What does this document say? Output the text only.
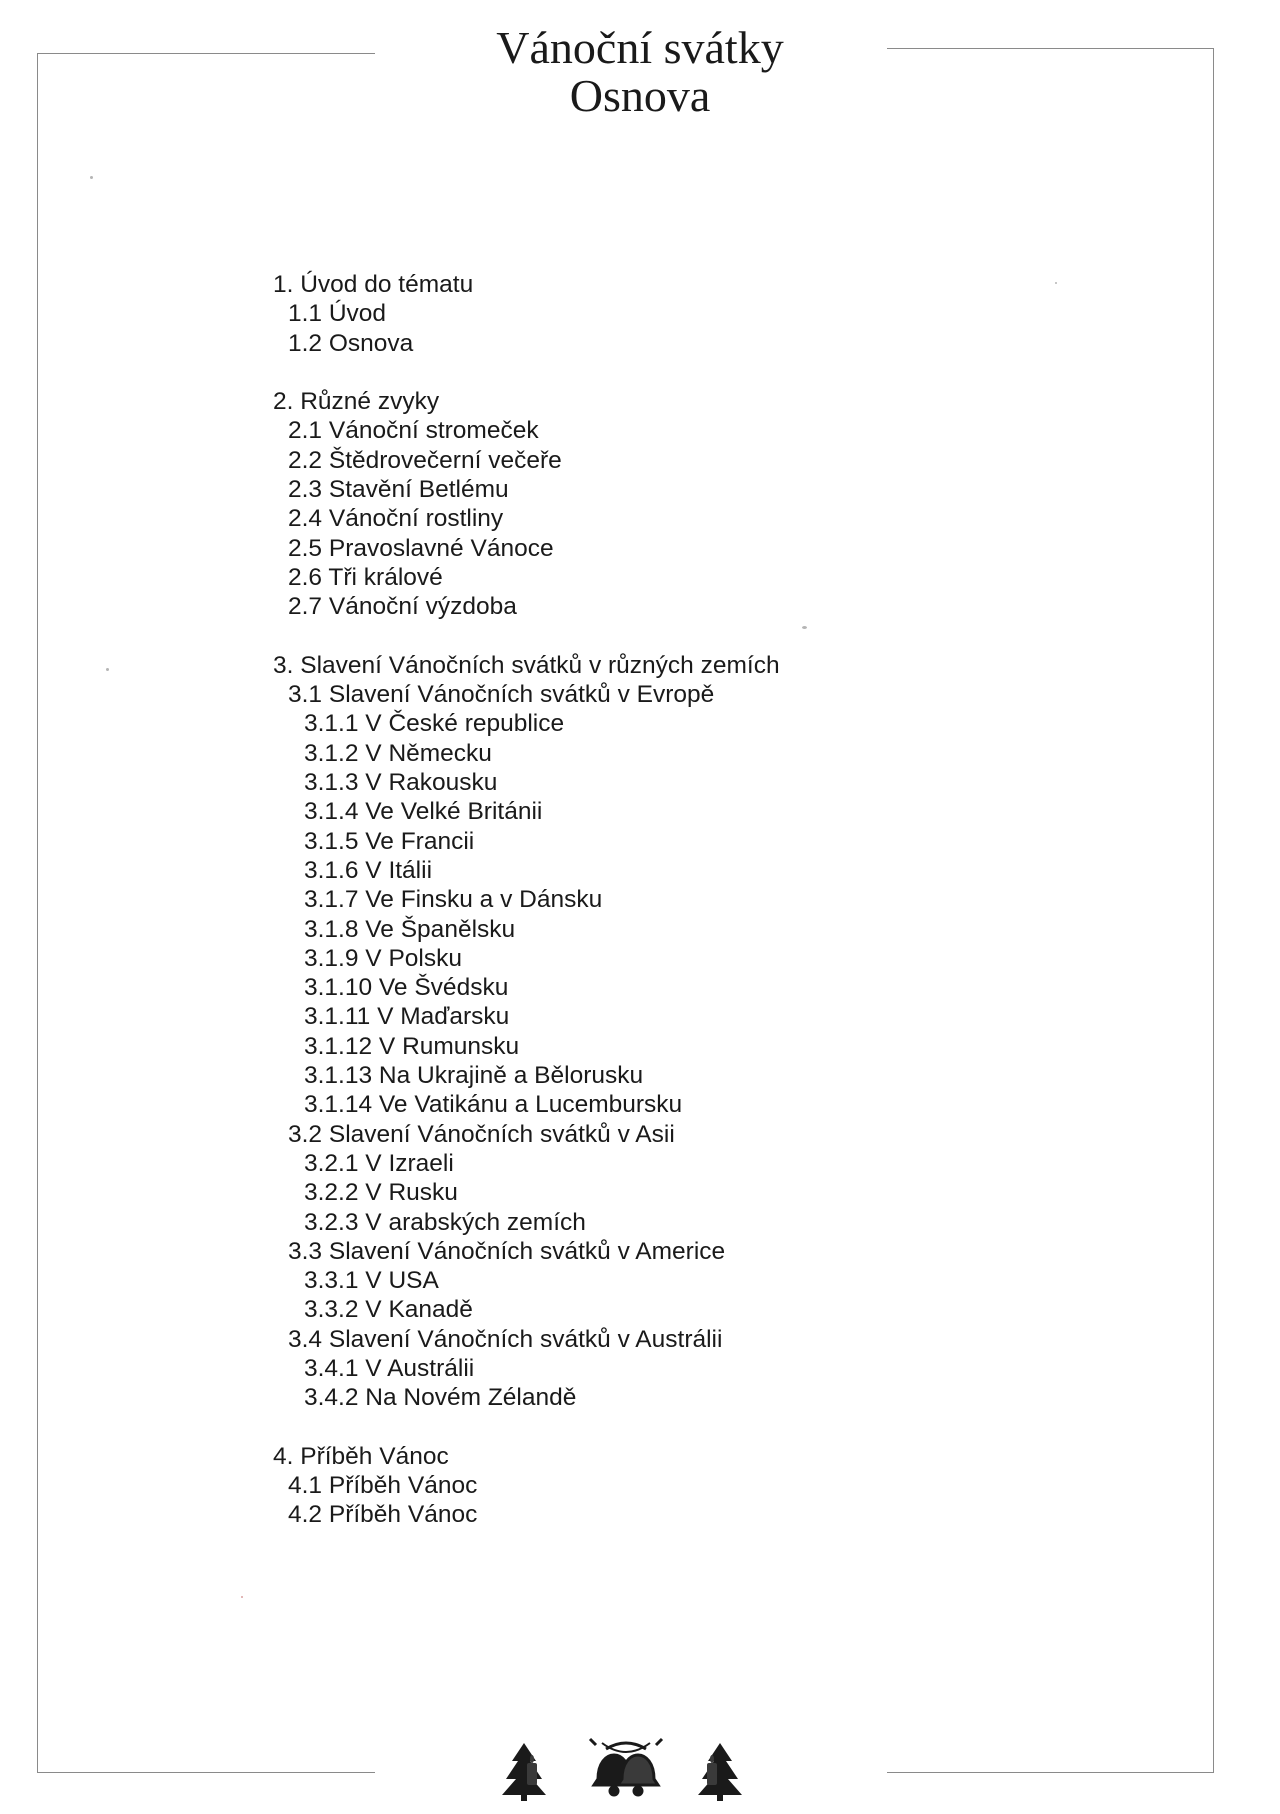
Vánoční svátky
Osnova
1. Úvod do tématu
1.1 Úvod
1.2 Osnova
2. Různé zvyky
2.1 Vánoční stromeček
2.2 Štědrovečerní večeře
2.3 Stavění Betlému
2.4 Vánoční rostliny
2.5 Pravoslavné Vánoce
2.6 Tři králové
2.7 Vánoční výzdoba
3. Slavení Vánočních svátků v různých zemích
3.1 Slavení Vánočních svátků v Evropě
3.1.1 V České republice
3.1.2 V Německu
3.1.3 V Rakousku
3.1.4 Ve Velké Británii
3.1.5 Ve Francii
3.1.6 V Itálii
3.1.7 Ve Finsku a v Dánsku
3.1.8 Ve Španělsku
3.1.9 V Polsku
3.1.10 Ve Švédsku
3.1.11 V Maďarsku
3.1.12 V Rumunsku
3.1.13 Na Ukrajině a Bělorusku
3.1.14 Ve Vatikánu a Lucembursku
3.2 Slavení Vánočních svátků v Asii
3.2.1 V Izraeli
3.2.2 V Rusku
3.2.3 V arabských zemích
3.3 Slavení Vánočních svátků v Americe
3.3.1 V USA
3.3.2 V Kanadě
3.4 Slavení Vánočních svátků v Austrálii
3.4.1 V Austrálii
3.4.2 Na Novém Zélandě
4. Příběh Vánoc
4.1 Příběh Vánoc
4.2 Příběh Vánoc
